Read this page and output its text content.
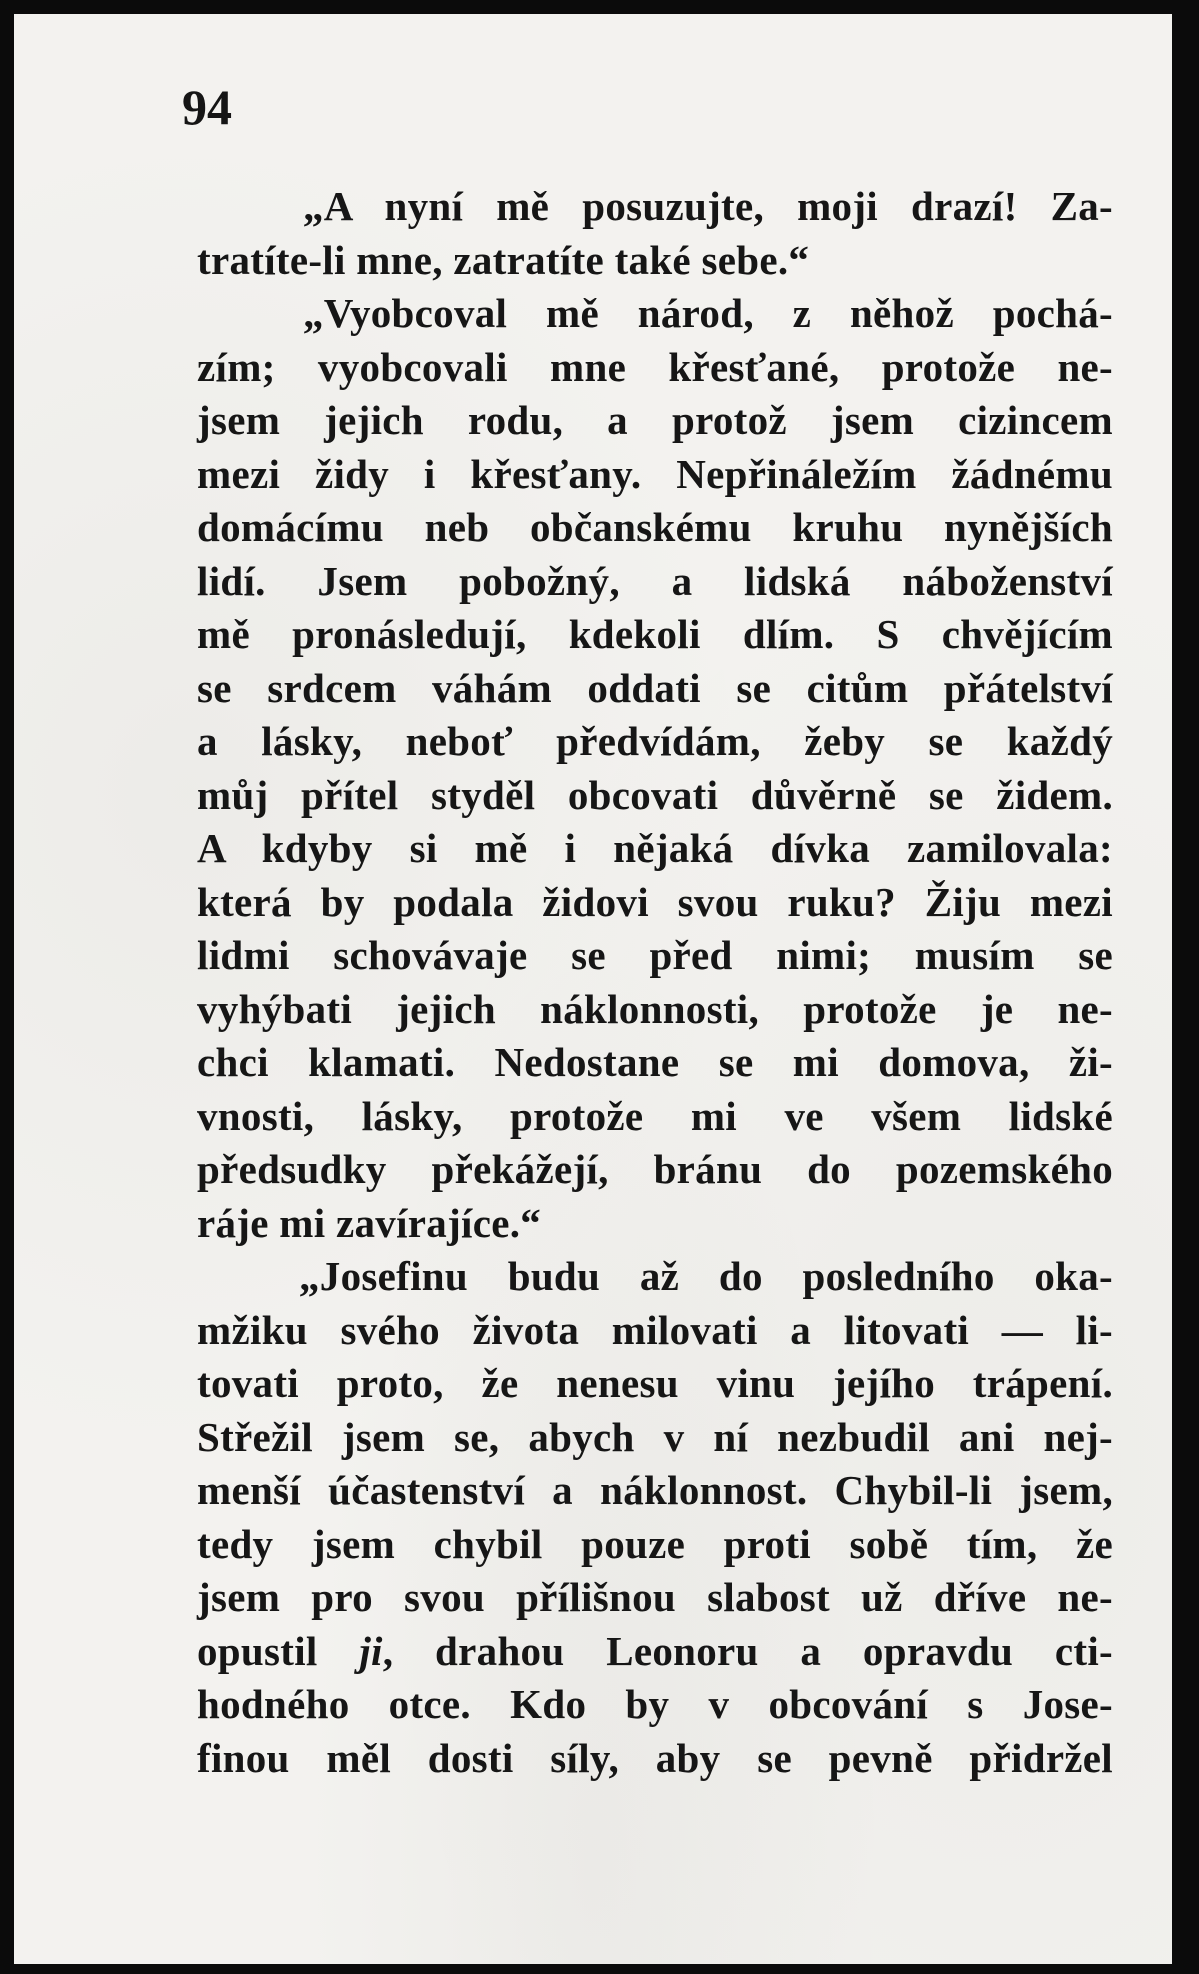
94
„A nyní mě posuzujte, moji drazí! Za-
tratíte-li mne, zatratíte také sebe.“
„Vyobcoval mě národ, z něhož pochá-
zím; vyobcovali mne křesťané, protože ne-
jsem jejich rodu, a protož jsem cizincem
mezi židy i křesťany. Nepřináležím žádnému
domácímu neb občanskému kruhu nynějších
lidí. Jsem pobožný, a lidská náboženství
mě pronásledují, kdekoli dlím. S chvějícím
se srdcem váhám oddati se citům přátelství
a lásky, neboť předvídám, žeby se každý
můj přítel styděl obcovati důvěrně se židem.
A kdyby si mě i nějaká dívka zamilovala:
která by podala židovi svou ruku? Žiju mezi
lidmi schovávaje se před nimi; musím se
vyhýbati jejich náklonnosti, protože je ne-
chci klamati. Nedostane se mi domova, ži-
vnosti, lásky, protože mi ve všem lidské
předsudky překážejí, bránu do pozemského
ráje mi zavírajíce.“
„Josefinu budu až do posledního oka-
mžiku svého života milovati a litovati — li-
tovati proto, že nenesu vinu jejího trápení.
Střežil jsem se, abych v ní nezbudil ani nej-
menší účastenství a náklonnost. Chybil-li jsem,
tedy jsem chybil pouze proti sobě tím, že
jsem pro svou přílišnou slabost už dříve ne-
opustil ji, drahou Leonoru a opravdu cti-
hodného otce. Kdo by v obcování s Jose-
finou měl dosti síly, aby se pevně přidržel
